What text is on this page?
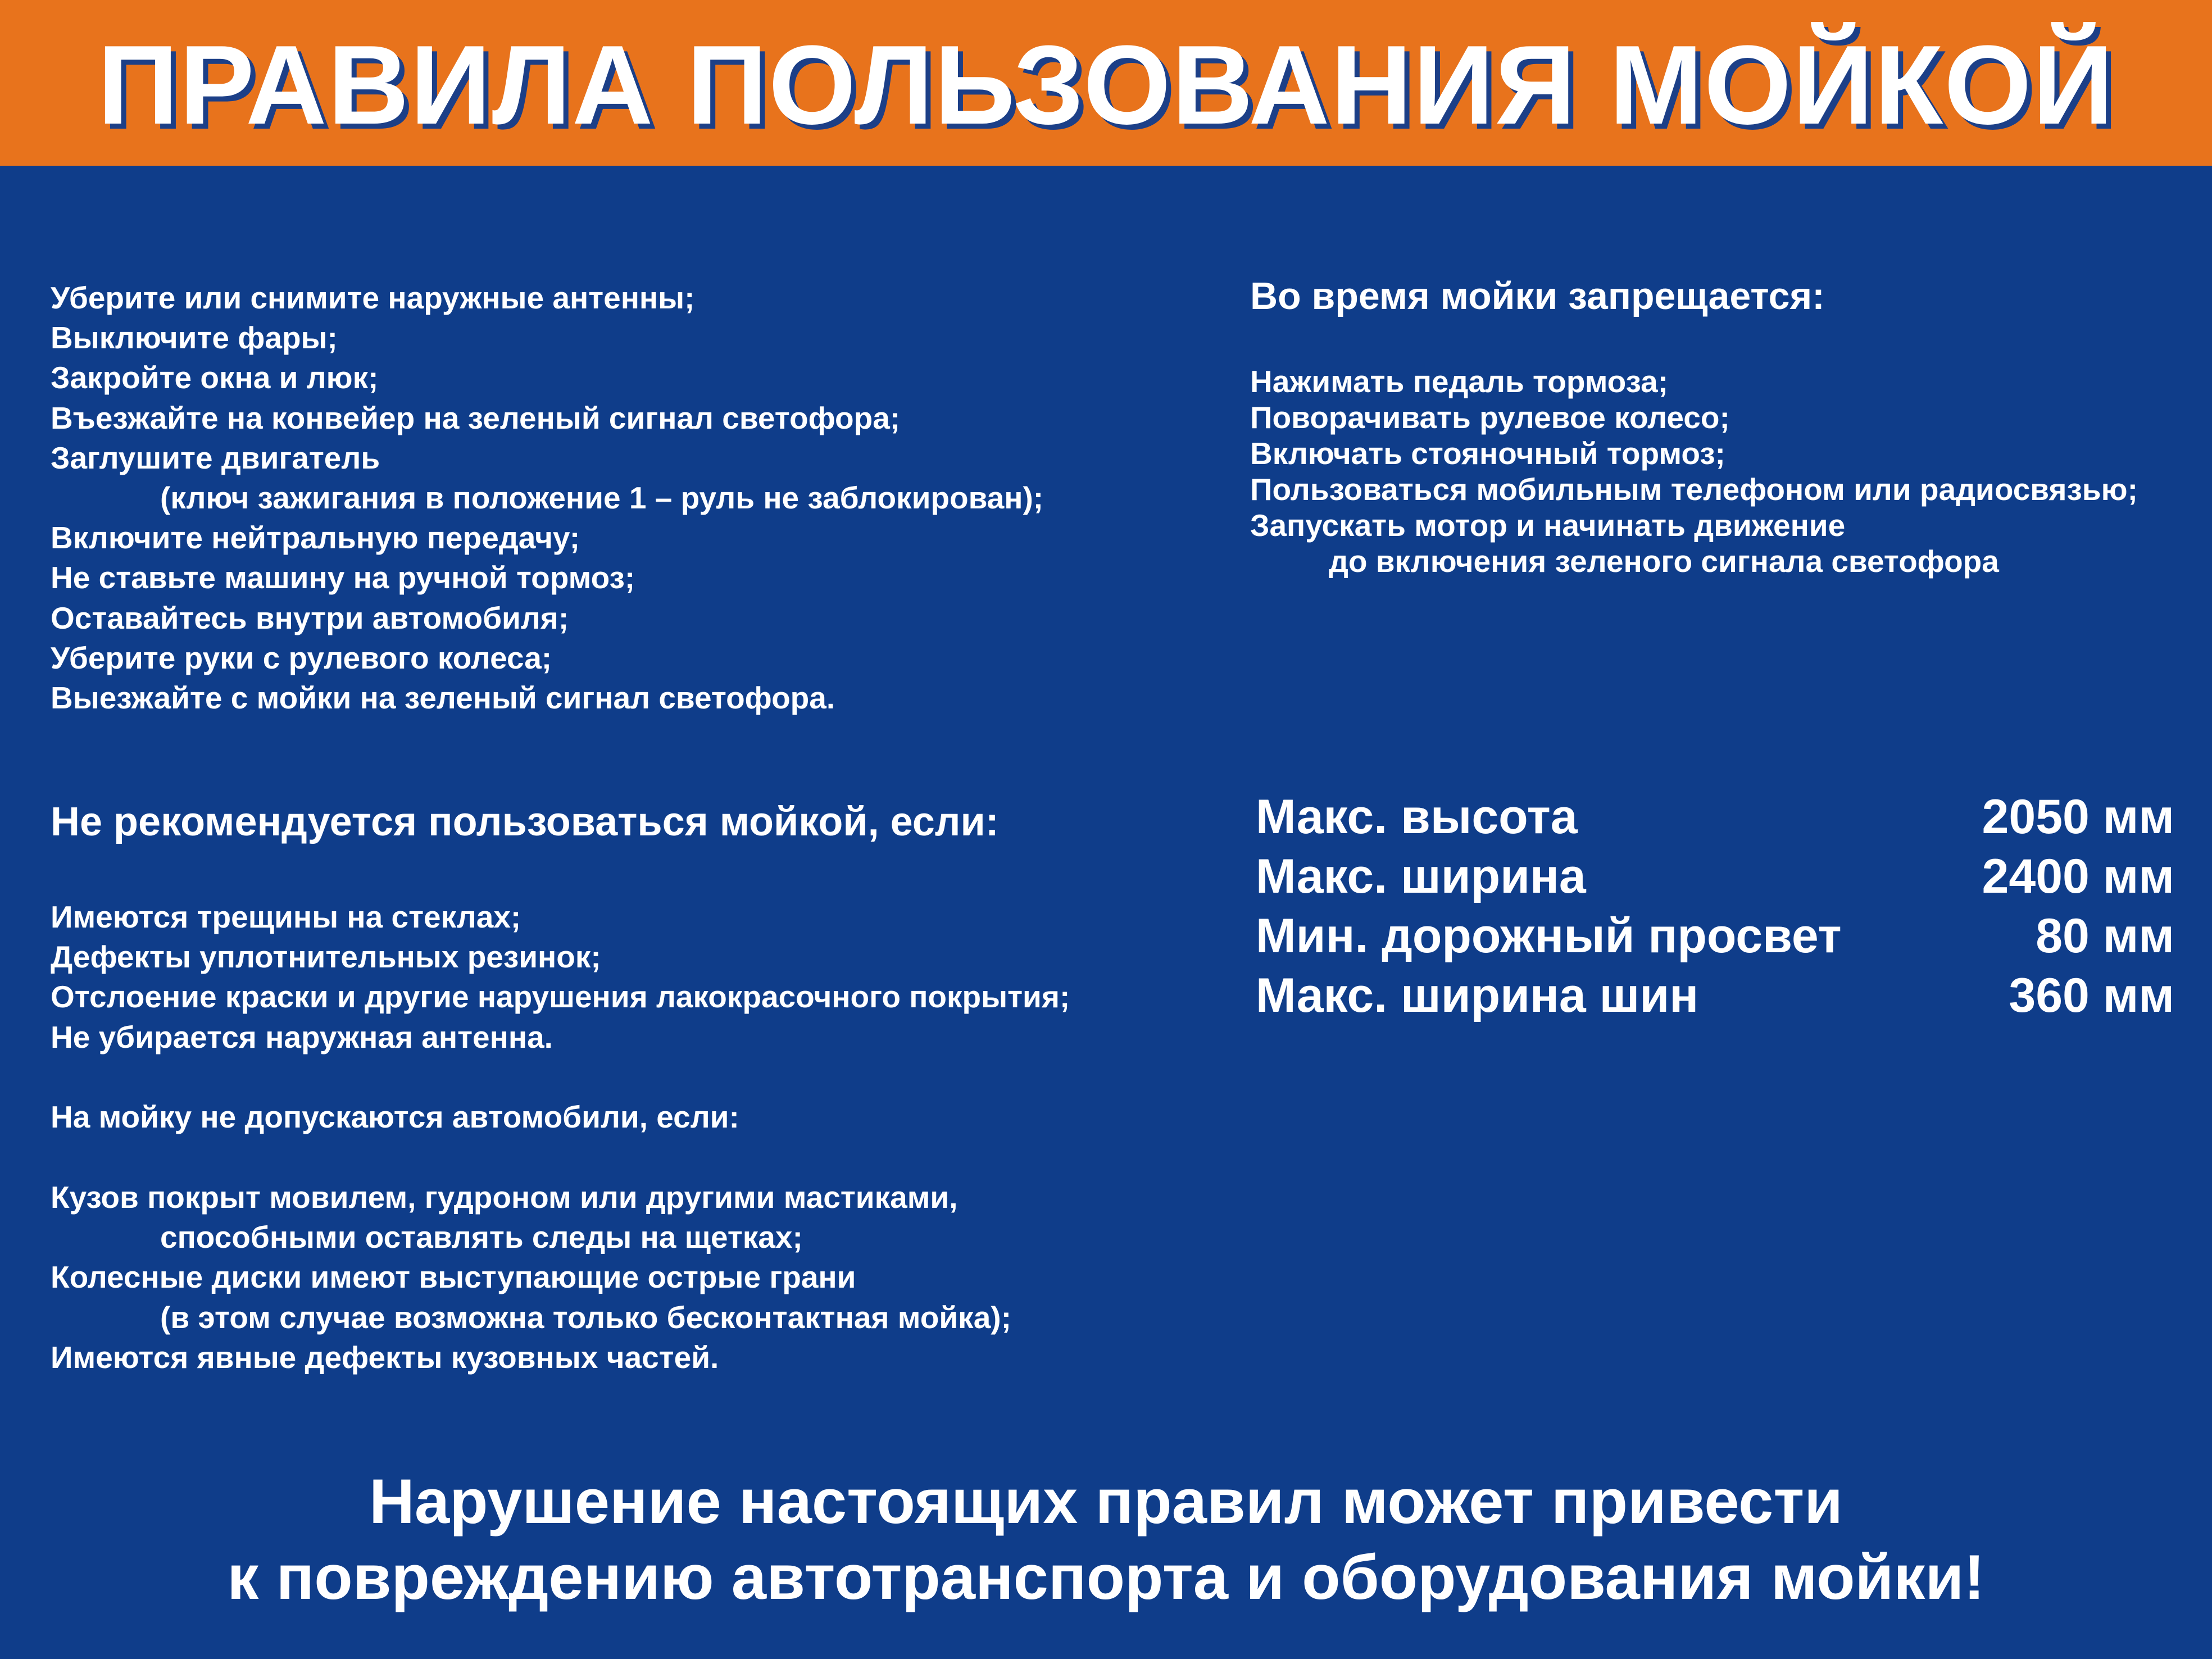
ПРАВИЛА ПОЛЬЗОВАНИЯ МОЙКОЙ
Уберите или снимите наружные антенны;
Выключите фары;
Закройте окна и люк;
Въезжайте на конвейер на зеленый сигнал светофора;
Заглушите двигатель
(ключ зажигания в положение 1 – руль не заблокирован);
Включите нейтральную передачу;
Не ставьте машину на ручной тормоз;
Оставайтесь внутри автомобиля;
Уберите руки с рулевого колеса;
Выезжайте с мойки на зеленый сигнал светофора.
Во время мойки запрещается:
Нажимать педаль тормоза;
Поворачивать рулевое колесо;
Включать стояночный тормоз;
Пользоваться мобильным телефоном или радиосвязью;
Запускать мотор и начинать движение
до включения зеленого сигнала светофора
Не рекомендуется пользоваться мойкой, если:
Имеются трещины на стеклах;
Дефекты уплотнительных резинок;
Отслоение краски и другие нарушения лакокрасочного покрытия;
Не убирается наружная антенна.
На мойку не допускаются автомобили, если:
Кузов покрыт мовилем, гудроном или другими мастиками,
способными оставлять следы на щетках;
Колесные диски имеют выступающие острые грани
(в этом случае возможна только бесконтактная мойка);
Имеются явные дефекты кузовных частей.
Макс. высота	2050 мм
Макс. ширина	2400 мм
Мин. дорожный просвет	80 мм
Макс. ширина шин	360 мм
Нарушение настоящих правил может привести
к повреждению автотранспорта и оборудования мойки!
